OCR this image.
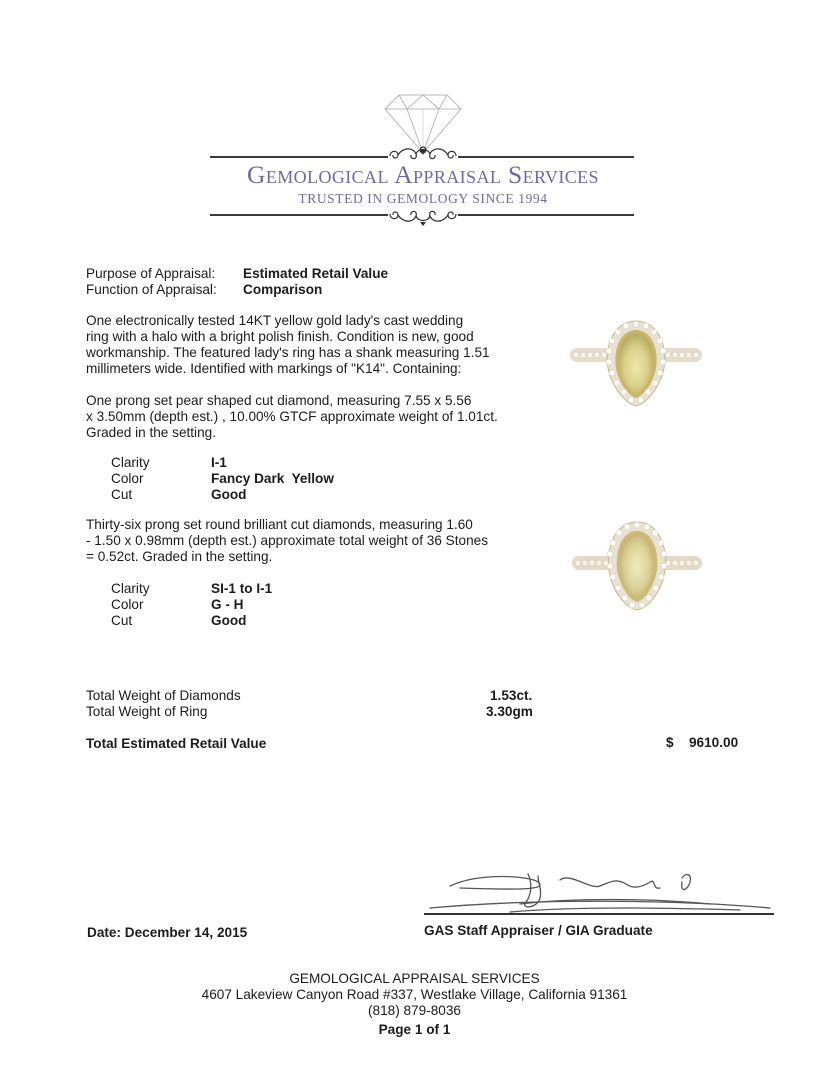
Gemological Appraisal Services
TRUSTED IN GEMOLOGY SINCE 1994
Purpose of Appraisal: Estimated Retail Value
Function of Appraisal: Comparison
One electronically tested 14KT yellow gold lady's cast wedding
ring with a halo with a bright polish finish. Condition is new, good
workmanship. The featured lady's ring has a shank measuring 1.51
millimeters wide. Identified with markings of "K14". Containing:
One prong set pear shaped cut diamond, measuring 7.55 x 5.56
x 3.50mm (depth est.) , 10.00% GTCF approximate weight of 1.01ct.
Graded in the setting.
Clarity	I-1
Color	Fancy Dark  Yellow
Cut	Good
Thirty-six prong set round brilliant cut diamonds, measuring 1.60
- 1.50 x 0.98mm (depth est.) approximate total weight of 36 Stones
= 0.52ct. Graded in the setting.
Clarity	SI-1 to I-1
Color	G - H
Cut	Good
Total Weight of Diamonds	1.53ct.
Total Weight of Ring	3.30gm
Total Estimated Retail Value	$ 9610.00
Date: December 14, 2015	GAS Staff Appraiser / GIA Graduate
GEMOLOGICAL APPRAISAL SERVICES
4607 Lakeview Canyon Road #337, Westlake Village, California 91361
(818) 879-8036
Page 1 of 1
